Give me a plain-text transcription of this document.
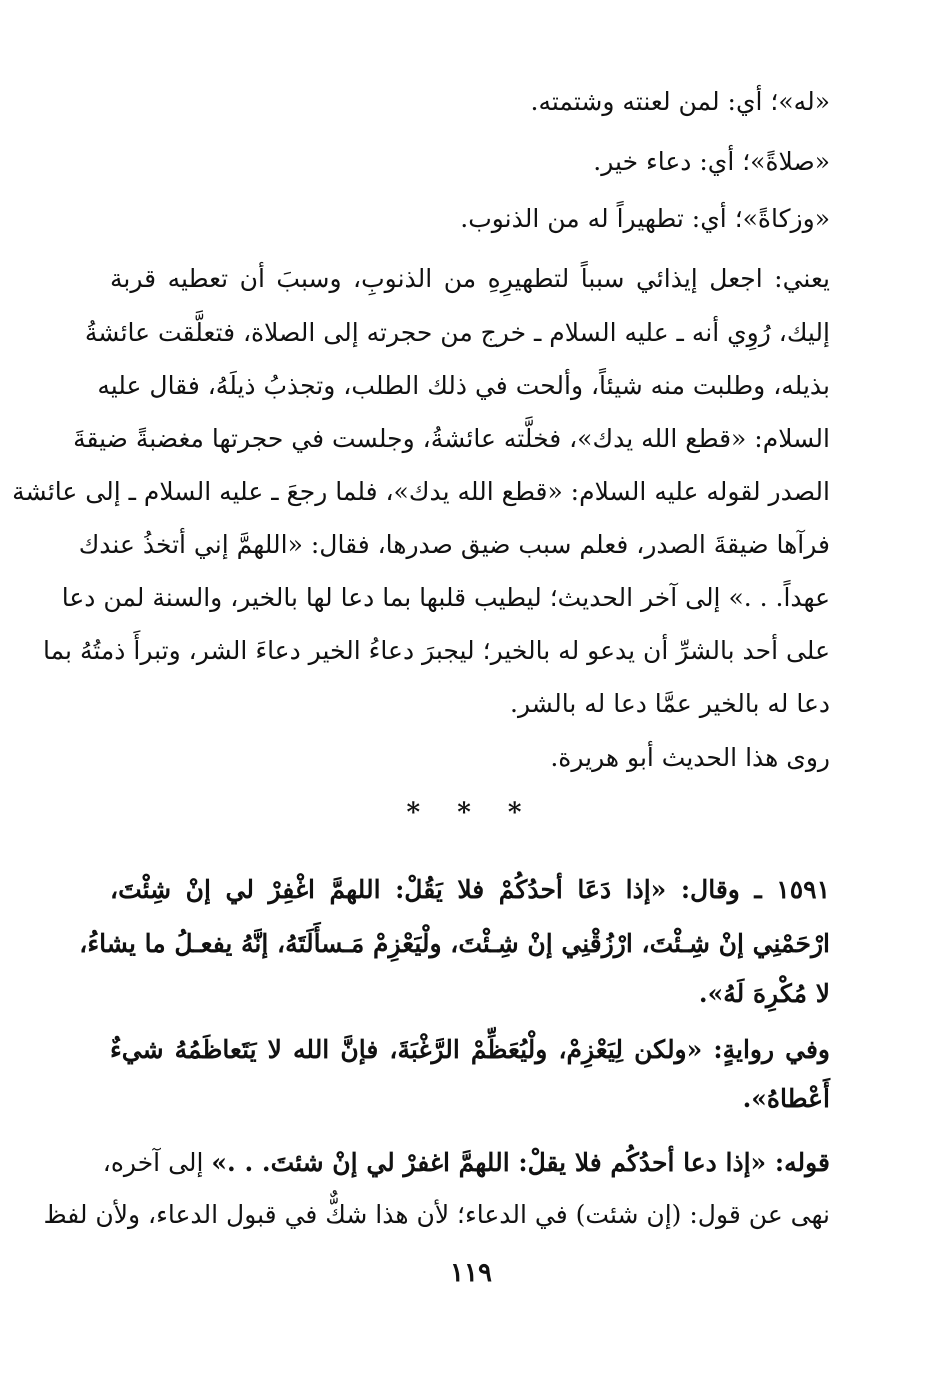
«له»؛ أي: لمن لعنته وشتمته.
«صلاةً»؛ أي: دعاء خير.
«وزكاةً»؛ أي: تطهيراً له من الذنوب.
يعني: اجعل إيذائي سبباً لتطهيرِهِ من الذنوبِ، وسببَ أن تعطيه قربة
إليك، رُوِي أنه ـ عليه السلام ـ خرج من حجرته إلى الصلاة، فتعلَّقت عائشةُ
بذيله، وطلبت منه شيئاً، وألحت في ذلك الطلب، وتجذبُ ذيلَهُ، فقال عليه
السلام: «قطع الله يدك»، فخلَّته عائشةُ، وجلست في حجرتها مغضبةً ضيقةَ
الصدر لقوله عليه السلام: «قطع الله يدك»، فلما رجعَ ـ عليه السلام ـ إلى عائشة
فرآها ضيقةَ الصدر، فعلم سبب ضيق صدرها، فقال: «اللهمَّ إني أتخذُ عندك
عهداً. . .» إلى آخر الحديث؛ ليطيب قلبها بما دعا لها بالخير، والسنة لمن دعا
على أحد بالشرِّ أن يدعو له بالخير؛ ليجبرَ دعاءُ الخير دعاءَ الشر، وتبرأَ ذمتُهُ بما
دعا له بالخير عمَّا دعا له بالشر.
روى هذا الحديث أبو هريرة.
* * *
١٥٩١ ـ وقال: «إذا دَعَا أحدُكُمْ فلا يَقُلْ: اللهمَّ اغْفِرْ لي إنْ شِئْتَ،
ارْحَمْنِي إنْ شِـئْتَ، ارْزُقْنِي إنْ شِـئْتَ، ولْيَعْزِمْ مَـسأَلَتَهُ، إنَّهُ يفعـلُ ما يشاءُ،
لا مُكْرِهَ لَهُ».
وفي روايةٍ: «ولكن لِيَعْزِمْ، ولْيُعَظِّمْ الرَّغْبَةَ، فإنَّ الله لا يَتَعاظَمُهُ شيءٌ
أَعْطاهُ».
قوله: «إذا دعا أحدُكُم فلا يقلْ: اللهمَّ اغفرْ لي إنْ شئتَ. . .» إلى آخره،
نهى عن قول: (إن شئت) في الدعاء؛ لأن هذا شكٌّ في قبول الدعاء، ولأن لفظ
١١٩
